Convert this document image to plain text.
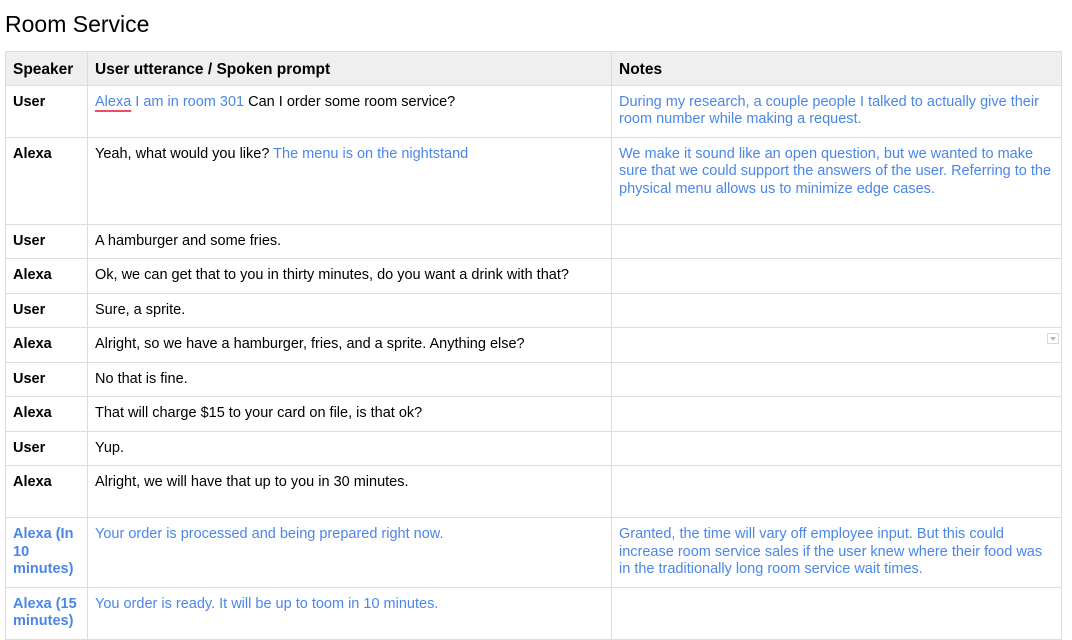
Room Service
Speaker	User utterance / Spoken prompt	Notes
User	Alexa I am in room 301 Can I order some room service?	During my research, a couple people I talked to actually give their room number while making a request.
Alexa	Yeah, what would you like? The menu is on the nightstand	We make it sound like an open question, but we wanted to make sure that we could support the answers of the user. Referring to the physical menu allows us to minimize edge cases.
User	A hamburger and some fries.	
Alexa	Ok, we can get that to you in thirty minutes, do you want a drink with that?	
User	Sure, a sprite.	
Alexa	Alright, so we have a hamburger, fries, and a sprite. Anything else?	

User	No that is fine.	
Alexa	That will charge $15 to your card on file, is that ok?	
User	Yup.	
Alexa	Alright, we will have that up to you in 30 minutes.	
Alexa (In 10 minutes)	Your order is processed and being prepared right now.	Granted, the time will vary off employee input. But this could increase room service sales if the user knew where their food was in the traditionally long room service wait times.
Alexa (15 minutes)	You order is ready. It will be up to toom in 10 minutes.	
